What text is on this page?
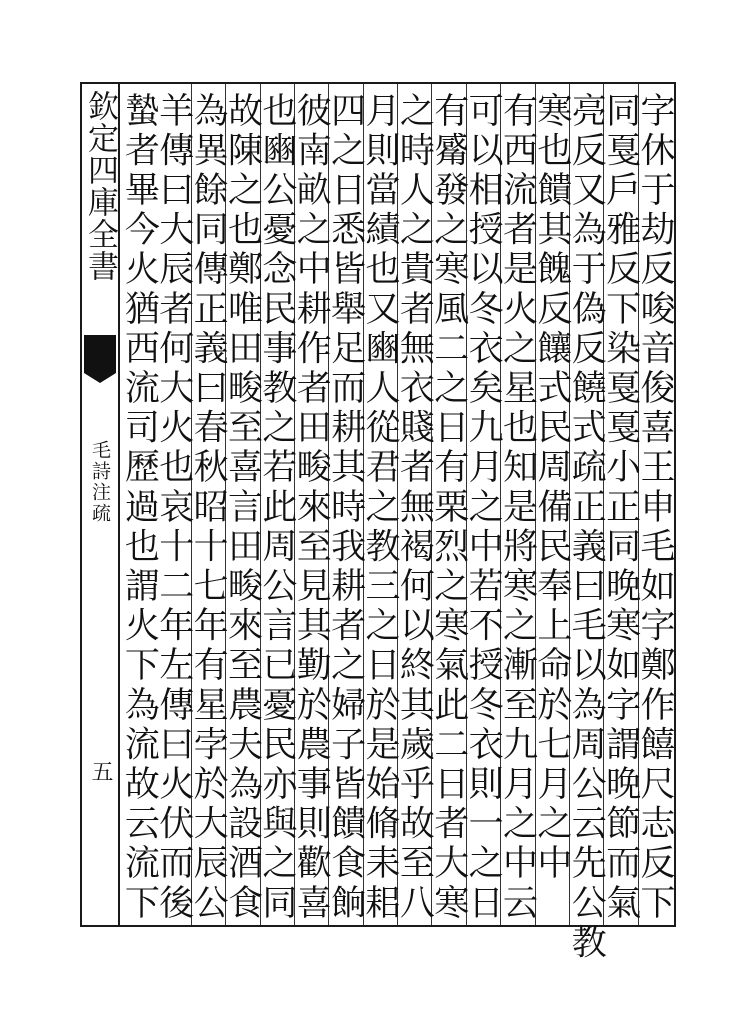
欽定四庫全書
毛詩注疏
五	字休于劫反唆音俊喜王申毛如字鄭作饎尺志反下
同戛戶雅反下染戛戛小正同晚寒如字謂晚節而氣
亮反又為于偽反饒式疏正義曰毛以為周公云先公教
寒也饋其餽反饟式民周備民奉上命於七月之中
有西流者是火之星也知是將寒之漸至九月之中云
可以相授以冬衣矣九月之中若不授冬衣則一之日
有觱發之寒風二之日有栗烈之寒氣此二日者大寒
之時人之貴者無衣賤者無褐何以終其歲乎故至八
月則當績也又豳人從君之教三之日於是始脩耒耜
四之日悉皆舉足而耕其時我耕者之婦子皆饋食餉
彼南畝之中耕作者田畯來至見其勤於農事則歡喜
也豳公憂念民事教之若此周公言已憂民亦與之同
故陳之也鄭唯田畯至喜言田畯來至農夫為設酒食
為異餘同傳正義曰春秋昭十七年有星孛於大辰公
羊傳曰大辰者何大火也哀十二年左傳曰火伏而後
蟄者畢今火猶西流司歷過也謂火下為流故云流下
